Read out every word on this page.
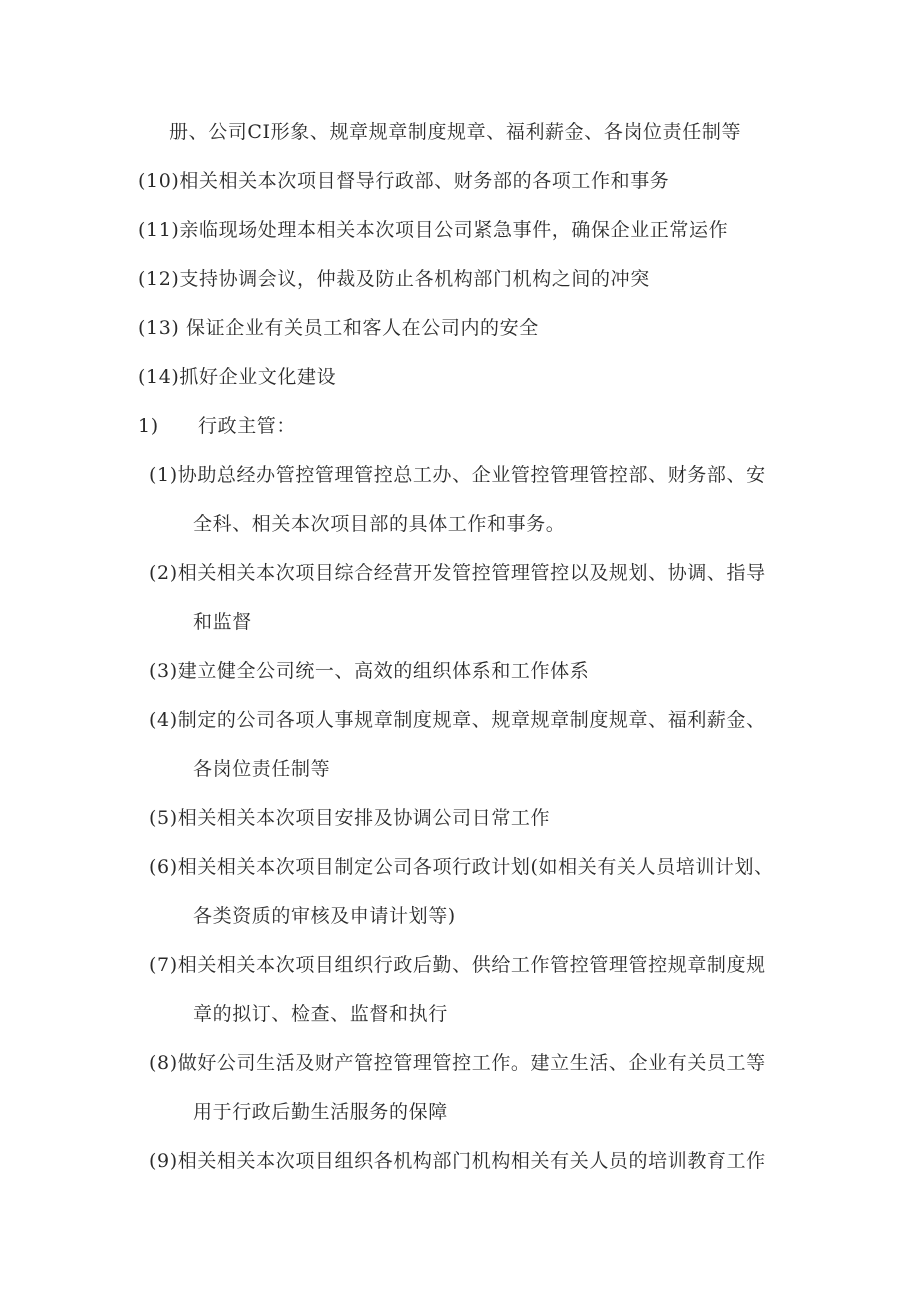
册、公司CI形象、规章规章制度规章、福利薪金、各岗位责任制等
(10)相关相关本次项目督导行政部、财务部的各项工作和事务
(11)亲临现场处理本相关本次项目公司紧急事件，确保企业正常运作
(12)支持协调会议，仲裁及防止各机构部门机构之间的冲突
(13) 保证企业有关员工和客人在公司内的安全
(14)抓好企业文化建设
1) 行政主管：
(1)协助总经办管控管理管控总工办、企业管控管理管控部、财务部、安
全科、相关本次项目部的具体工作和事务。
(2)相关相关本次项目综合经营开发管控管理管控以及规划、协调、指导
和监督
(3)建立健全公司统一、高效的组织体系和工作体系
(4)制定的公司各项人事规章制度规章、规章规章制度规章、福利薪金、
各岗位责任制等
(5)相关相关本次项目安排及协调公司日常工作
(6)相关相关本次项目制定公司各项行政计划(如相关有关人员培训计划、
各类资质的审核及申请计划等)
(7)相关相关本次项目组织行政后勤、供给工作管控管理管控规章制度规
章的拟订、检查、监督和执行
(8)做好公司生活及财产管控管理管控工作。建立生活、企业有关员工等
用于行政后勤生活服务的保障
(9)相关相关本次项目组织各机构部门机构相关有关人员的培训教育工作
